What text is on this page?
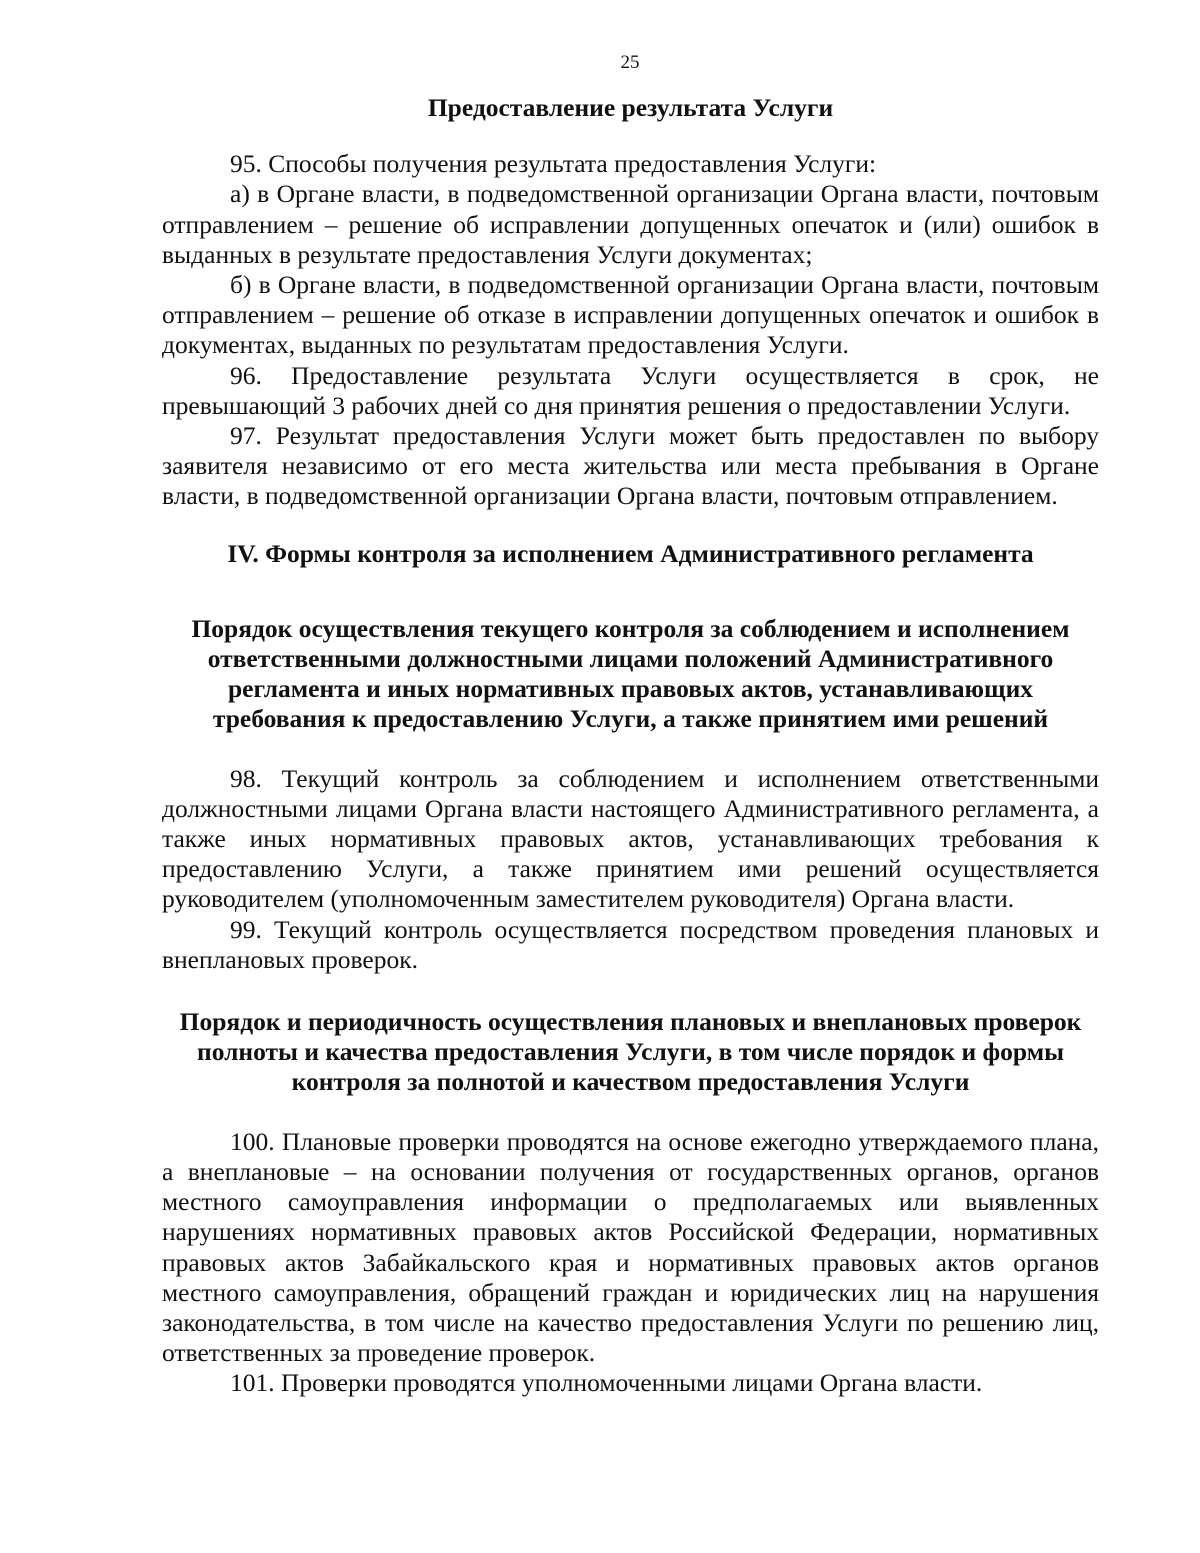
25

Предоставление результата Услуги

95. Способы получения результата предоставления Услуги:

а) в Органе власти, в подведомственной организации Органа власти, почтовым отправлением – решение об исправлении допущенных опечаток и (или) ошибок в выданных в результате предоставления Услуги документах;

б) в Органе власти, в подведомственной организации Органа власти, почтовым отправлением – решение об отказе в исправлении допущенных опечаток и ошибок в документах, выданных по результатам предоставления Услуги.

96. Предоставление результата Услуги осуществляется в срок, не превышающий 3 рабочих дней со дня принятия решения о предоставлении Услуги.

97. Результат предоставления Услуги может быть предоставлен по выбору заявителя независимо от его места жительства или места пребывания в Органе власти, в подведомственной организации Органа власти, почтовым отправлением.

IV. Формы контроля за исполнением Административного регламента

Порядок осуществления текущего контроля за соблюдением и исполнением ответственными должностными лицами положений Административного регламента и иных нормативных правовых актов, устанавливающих требования к предоставлению Услуги, а также принятием ими решений

98. Текущий контроль за соблюдением и исполнением ответственными должностными лицами Органа власти настоящего Административного регламента, а также иных нормативных правовых актов, устанавливающих требования к предоставлению Услуги, а также принятием ими решений осуществляется руководителем (уполномоченным заместителем руководителя) Органа власти.

99. Текущий контроль осуществляется посредством проведения плановых и внеплановых проверок.

Порядок и периодичность осуществления плановых и внеплановых проверок полноты и качества предоставления Услуги, в том числе порядок и формы контроля за полнотой и качеством предоставления Услуги

100. Плановые проверки проводятся на основе ежегодно утверждаемого плана, а внеплановые – на основании получения от государственных органов, органов местного самоуправления информации о предполагаемых или выявленных нарушениях нормативных правовых актов Российской Федерации, нормативных правовых актов Забайкальского края и нормативных правовых актов органов местного самоуправления, обращений граждан и юридических лиц на нарушения законодательства, в том числе на качество предоставления Услуги по решению лиц, ответственных за проведение проверок.

101. Проверки проводятся уполномоченными лицами Органа власти.
